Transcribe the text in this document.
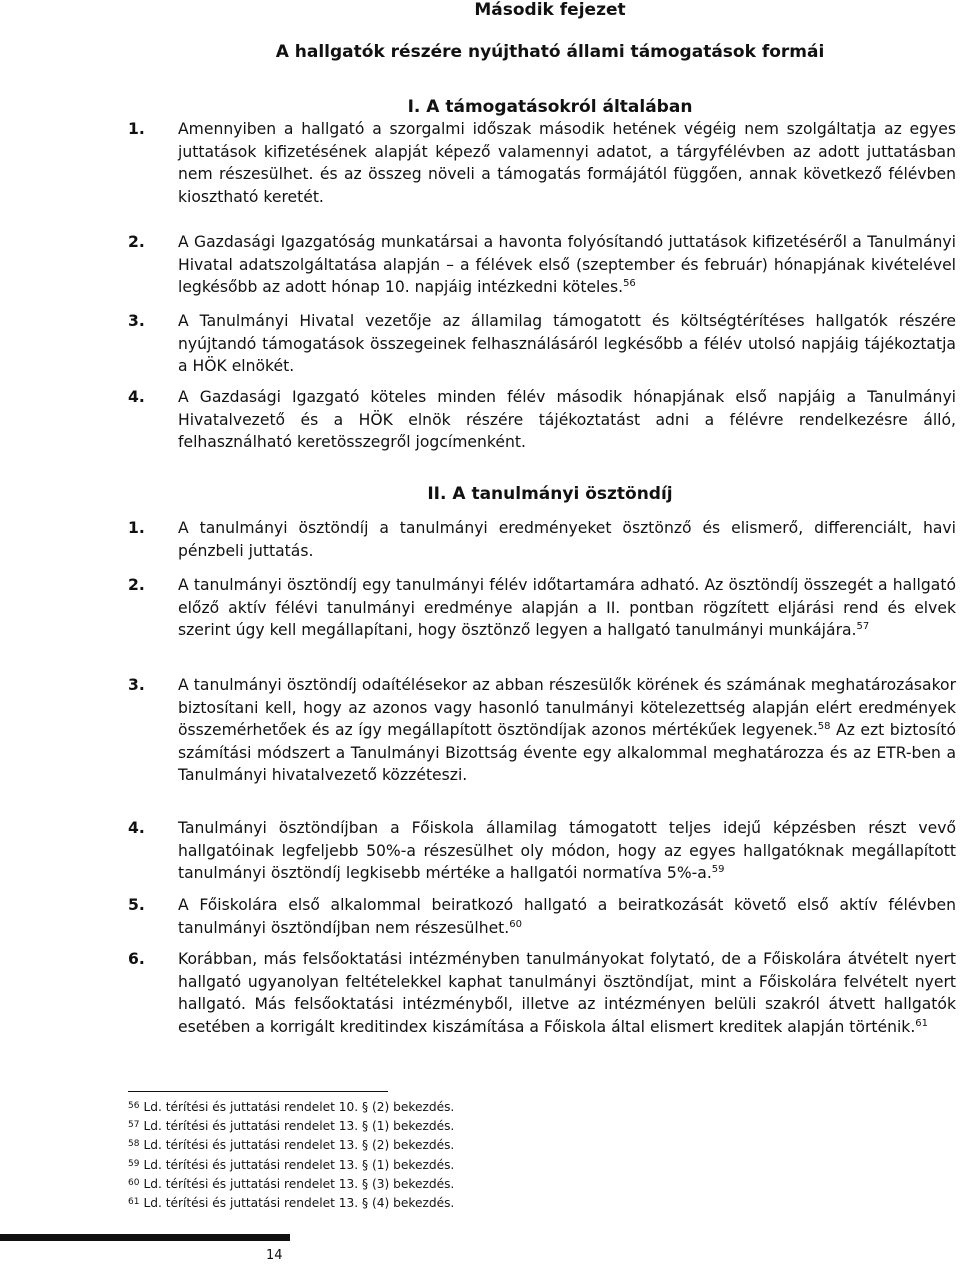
Második fejezet
A hallgatók részére nyújtható állami támogatások formái
I. A támogatásokról általában
1. Amennyiben a hallgató a szorgalmi időszak második hetének végéig nem szolgáltatja az egyes juttatások kifizetésének alapját képező valamennyi adatot, a tárgyfélévben az adott juttatásban nem részesülhet. és az összeg növeli a támogatás formájától függően, annak következő félévben kiosztható keretét.
2. A Gazdasági Igazgatóság munkatársai a havonta folyósítandó juttatások kifizetéséről a Tanulmányi Hivatal adatszolgáltatása alapján – a félévek első (szeptember és február) hónapjának kivételével legkésőbb az adott hónap 10. napjáig intézkedni köteles.$^{56}$
3. A Tanulmányi Hivatal vezetője az államilag támogatott és költségtérítéses hallgatók részére nyújtandó támogatások összegeinek felhasználásáról legkésőbb a félév utolsó napjáig tájékoztatja a HÖK elnökét.
4. A Gazdasági Igazgató köteles minden félév második hónapjának első napjáig a Tanulmányi Hivatalvezető és a HÖK elnök részére tájékoztatást adni a félévre rendelkezésre álló, felhasználható keretösszegről jogcímenként.
II. A tanulmányi ösztöndíj
1. A tanulmányi ösztöndíj a tanulmányi eredményeket ösztönző és elismerő, differenciált, havi pénzbeli juttatás.
2. A tanulmányi ösztöndíj egy tanulmányi félév időtartamára adható. Az ösztöndíj összegét a hallgató előző aktív félévi tanulmányi eredménye alapján a II. pontban rögzített eljárási rend és elvek szerint úgy kell megállapítani, hogy ösztönző legyen a hallgató tanulmányi munkájára.$^{57}$
3. A tanulmányi ösztöndíj odaítélésekor az abban részesülők körének és számának meghatározásakor biztosítani kell, hogy az azonos vagy hasonló tanulmányi kötelezettség alapján elért eredmények összemérhetőek és az így megállapított ösztöndíjak azonos mértékűek legyenek.$^{58}$ Az ezt biztosító számítási módszert a Tanulmányi Bizottság évente egy alkalommal meghatározza és az ETR-ben a Tanulmányi hivatalvezető közzéteszi.
4. Tanulmányi ösztöndíjban a Főiskola államilag támogatott teljes idejű képzésben részt vevő hallgatóinak legfeljebb 50%-a részesülhet oly módon, hogy az egyes hallgatóknak megállapított tanulmányi ösztöndíj legkisebb mértéke a hallgatói normatíva 5%-a.$^{59}$
5. A Főiskolára első alkalommal beiratkozó hallgató a beiratkozását követő első aktív félévben tanulmányi ösztöndíjban nem részesülhet.$^{60}$
6. Korábban, más felsőoktatási intézményben tanulmányokat folytató, de a Főiskolára átvételt nyert hallgató ugyanolyan feltételekkel kaphat tanulmányi ösztöndíjat, mint a Főiskolára felvételt nyert hallgató. Más felsőoktatási intézményből, illetve az intézményen belüli szakról átvett hallgatók esetében a korrigált kreditindex kiszámítása a Főiskola által elismert kreditek alapján történik.$^{61}$
$^{56}$ Ld. térítési és juttatási rendelet 10. § (2) bekezdés.
$^{57}$ Ld. térítési és juttatási rendelet 13. § (1) bekezdés.
$^{58}$ Ld. térítési és juttatási rendelet 13. § (2) bekezdés.
$^{59}$ Ld. térítési és juttatási rendelet 13. § (1) bekezdés.
$^{60}$ Ld. térítési és juttatási rendelet 13. § (3) bekezdés.
$^{61}$ Ld. térítési és juttatási rendelet 13. § (4) bekezdés.
14
